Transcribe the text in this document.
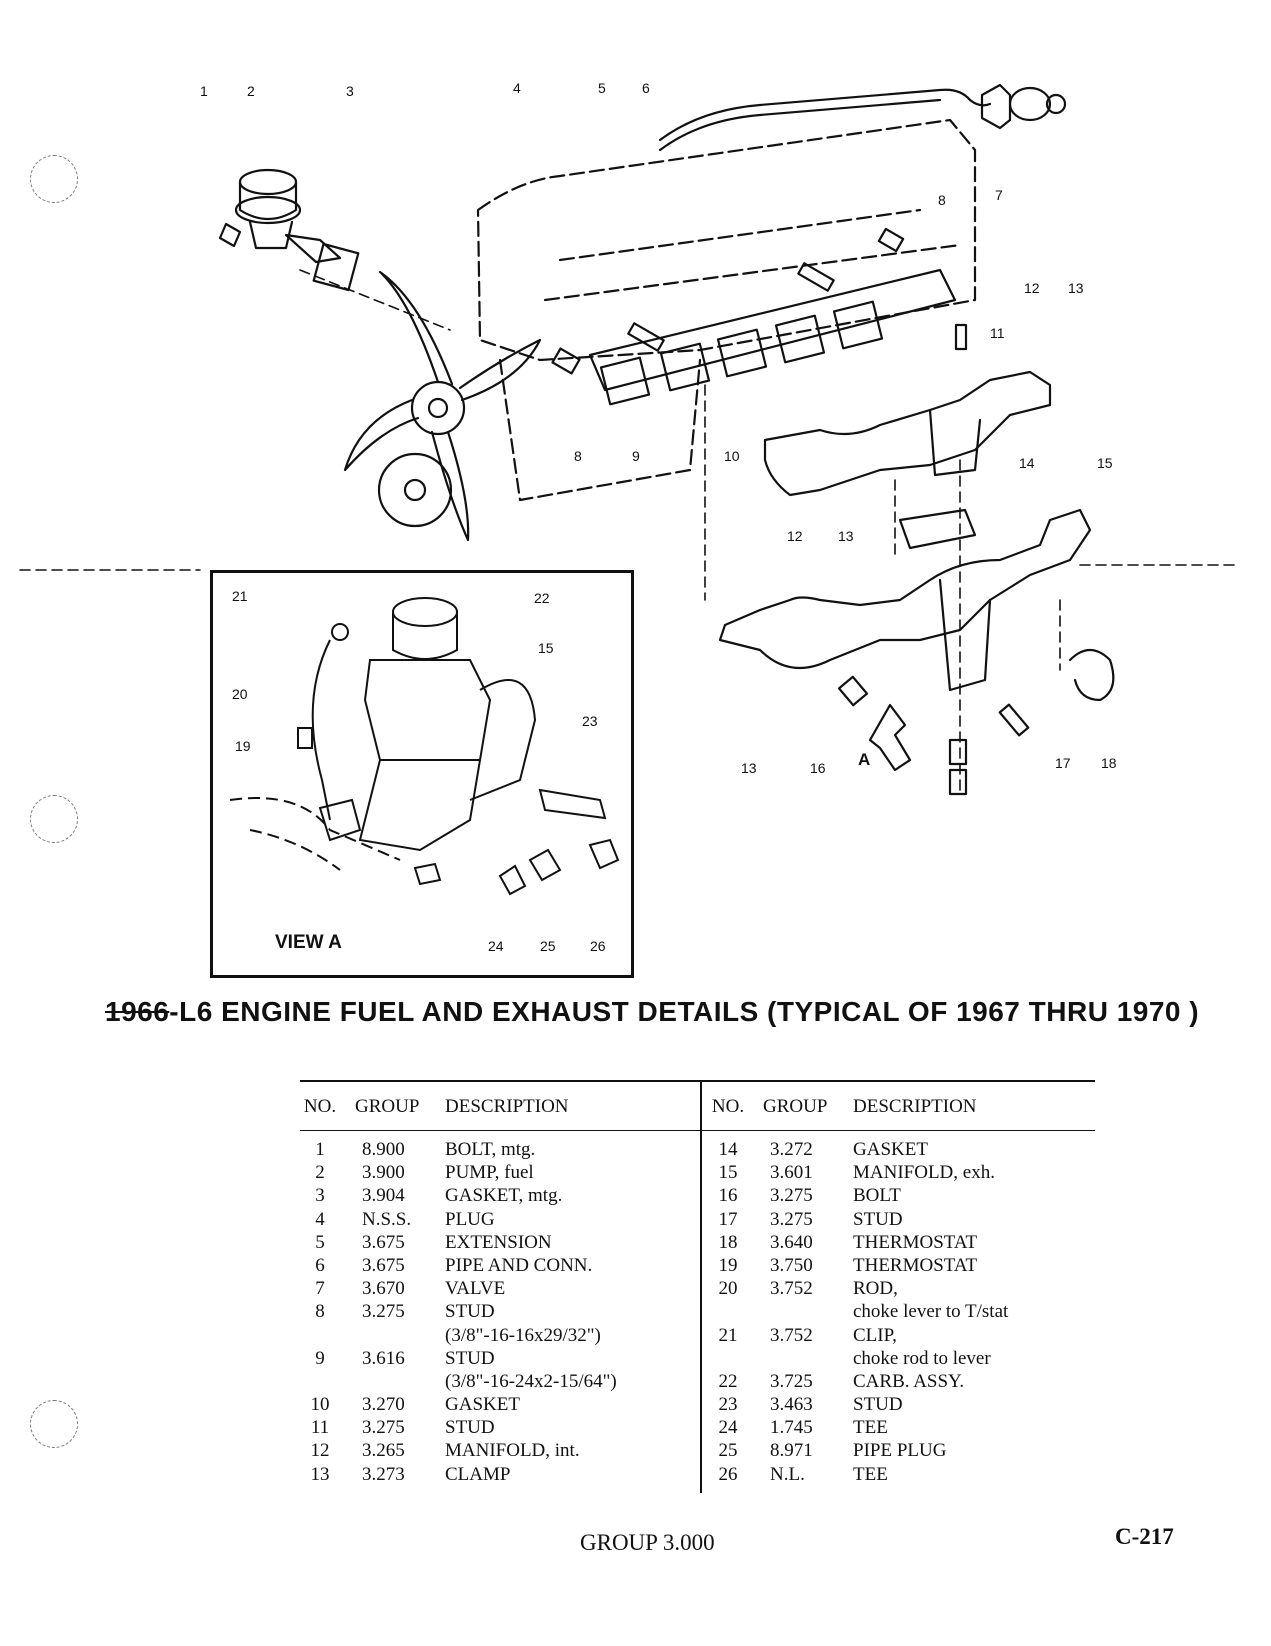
1	2	3	4	5	6
7
8
8	9	10
11
12 13
12	13
14	15
13	16 A	17 18
21	22
15
20
19
23
24	25 26
VIEW A
1966-L6 ENGINE FUEL AND EXHAUST DETAILS (TYPICAL OF 1967 THRU 1970 )
NO. GROUP	DESCRIPTION
1	8.900	BOLT, mtg.
2	3.900	PUMP, fuel
3	3.904	GASKET, mtg.
4	N.S.S.	PLUG
5	3.675	EXTENSION
6	3.675	PIPE AND CONN.
7	3.670	VALVE
8	3.275	STUD
(3/8"-16-16x29/32")
9	3.616	STUD
(3/8"-16-24x2-15/64")
10	3.270	GASKET
11	3.275	STUD
12	3.265	MANIFOLD, int.
13	3.273	CLAMP
NO. GROUP	DESCRIPTION
14	3.272	GASKET
15	3.601	MANIFOLD, exh.
16	3.275	BOLT
17	3.275	STUD
18	3.640	THERMOSTAT
19	3.750	THERMOSTAT
20	3.752	ROD,
choke lever to T/stat
21	3.752	CLIP,
choke rod to lever
22	3.725	CARB. ASSY.
23	3.463	STUD
24	1.745	TEE
25	8.971	PIPE PLUG
26	N.L.	TEE
GROUP 3.000	C-217
